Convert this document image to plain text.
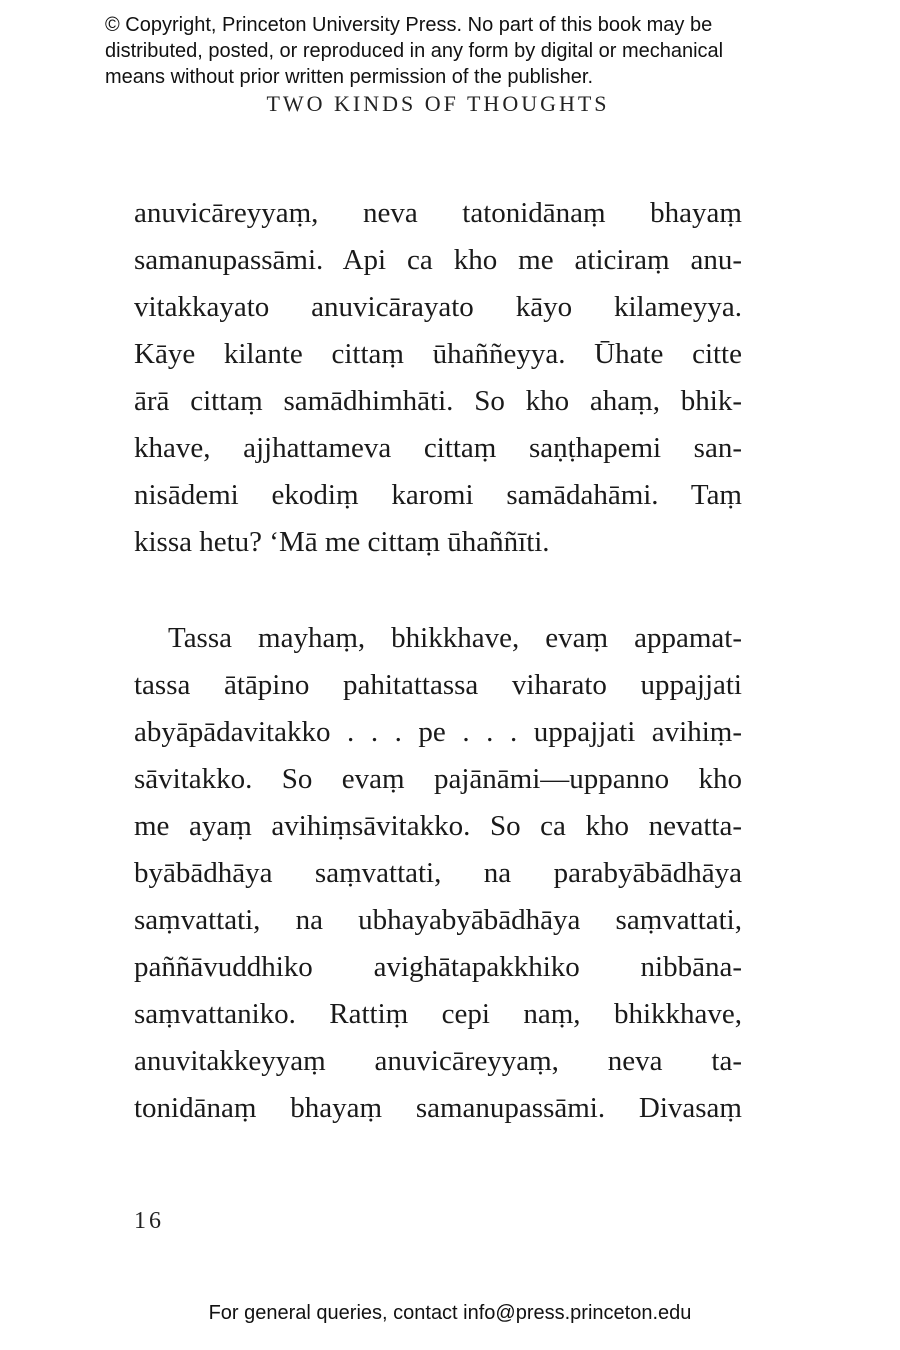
© Copyright, Princeton University Press. No part of this book may be
distributed, posted, or reproduced in any form by digital or mechanical
means without prior written permission of the publisher.
TWO KINDS OF THOUGHTS
anuvicāreyyaṃ, neva tatonidānaṃ bhayaṃ
samanupassāmi. Api ca kho me aticiraṃ anu-
vitakkayato anuvicārayato kāyo kilameyya.
Kāye kilante cittaṃ ūhaññeyya. Ūhate citte
ārā cittaṃ samādhimhāti. So kho ahaṃ, bhik-
khave, ajjhattameva cittaṃ saṇṭhapemi san-
nisādemi ekodiṃ karomi samādahāmi. Taṃ
kissa hetu? ‘Mā me cittaṃ ūhaññīti.
Tassa mayhaṃ, bhikkhave, evaṃ appamat-
tassa ātāpino pahitattassa viharato uppajjati
abyāpādavitakko . . . pe . . . uppajjati avihiṃ-
sāvitakko. So evaṃ pajānāmi—uppanno kho
me ayaṃ avihiṃsāvitakko. So ca kho nevatta-
byābādhāya saṃvattati, na parabyābādhāya
saṃvattati, na ubhayabyābādhāya saṃvattati,
paññāvuddhiko avighātapakkhiko nibbāna-
saṃvattaniko. Rattiṃ cepi naṃ, bhikkhave,
anuvitakkeyyaṃ anuvicāreyyaṃ, neva ta-
tonidānaṃ bhayaṃ samanupassāmi. Divasaṃ
16
For general queries, contact info@press.princeton.edu
